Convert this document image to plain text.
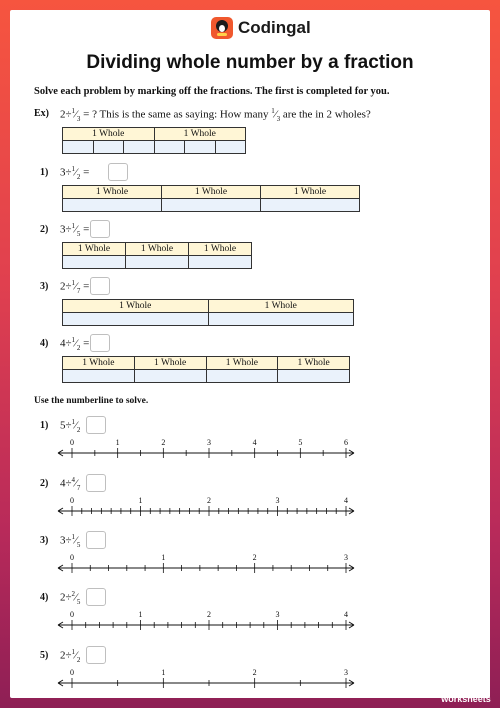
Codingal
Dividing whole number by a fraction
Solve each problem by marking off the fractions. The first is completed for you.
Ex) $2\div^1⁄_3$ = ? This is the same as saying: How many $^1⁄_3$ are the in 2 wholes?
1 Whole	1 Whole
1) $3\div^1⁄_2$ =
1 Whole	1 Whole	1 Whole
2) $3\div^1⁄_5$ =
1 Whole	1 Whole	1 Whole
3) $2\div^1⁄_7$ =
1 Whole	1 Whole
4) $4\div^1⁄_2$ =
1 Whole	1 Whole	1 Whole	1 Whole
Use the numberline to solve.
1) $5\div^1⁄_2$
0	1	2	3	4	5	6
2) $4\div^4⁄_7$
0	1	2	3	4
3) $3\div^1⁄_5$
0	1	2	3
4) $2\div^2⁄_5$
0	1	2	3	4
5) $2\div^1⁄_2$
0	1	2	3
TOP
worksheets
